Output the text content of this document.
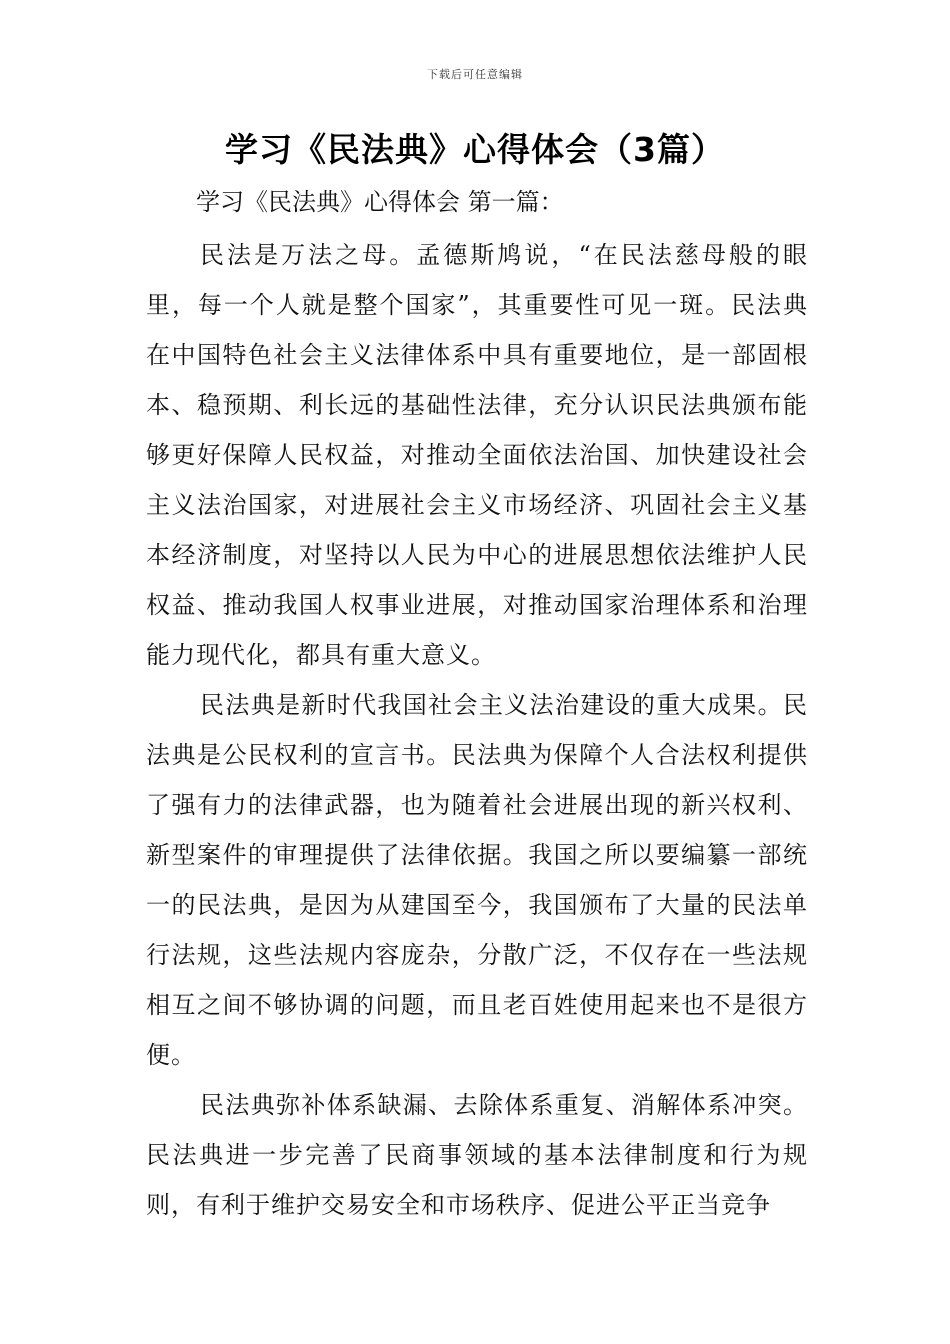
下载后可任意编辑
学习《民法典》心得体会（3篇）
学习《民法典》心得体会 第一篇：

民法是万法之母。孟德斯鸠说，“在民法慈母般的眼里，每一个人就是整个国家”，其重要性可见一斑。民法典在中国特色社会主义法律体系中具有重要地位，是一部固根本、稳预期、利长远的基础性法律，充分认识民法典颁布能够更好保障人民权益，对推动全面依法治国、加快建设社会主义法治国家，对进展社会主义市场经济、巩固社会主义基本经济制度，对坚持以人民为中心的进展思想依法维护人民权益、推动我国人权事业进展，对推动国家治理体系和治理能力现代化，都具有重大意义。

民法典是新时代我国社会主义法治建设的重大成果。民法典是公民权利的宣言书。民法典为保障个人合法权利提供了强有力的法律武器，也为随着社会进展出现的新兴权利、新型案件的审理提供了法律依据。我国之所以要编纂一部统一的民法典，是因为从建国至今，我国颁布了大量的民法单行法规，这些法规内容庞杂，分散广泛，不仅存在一些法规相互之间不够协调的问题，而且老百姓使用起来也不是很方便。

民法典弥补体系缺漏、去除体系重复、消解体系冲突。民法典进一步完善了民商事领域的基本法律制度和行为规则，有利于维护交易安全和市场秩序、促进公平正当竞争
